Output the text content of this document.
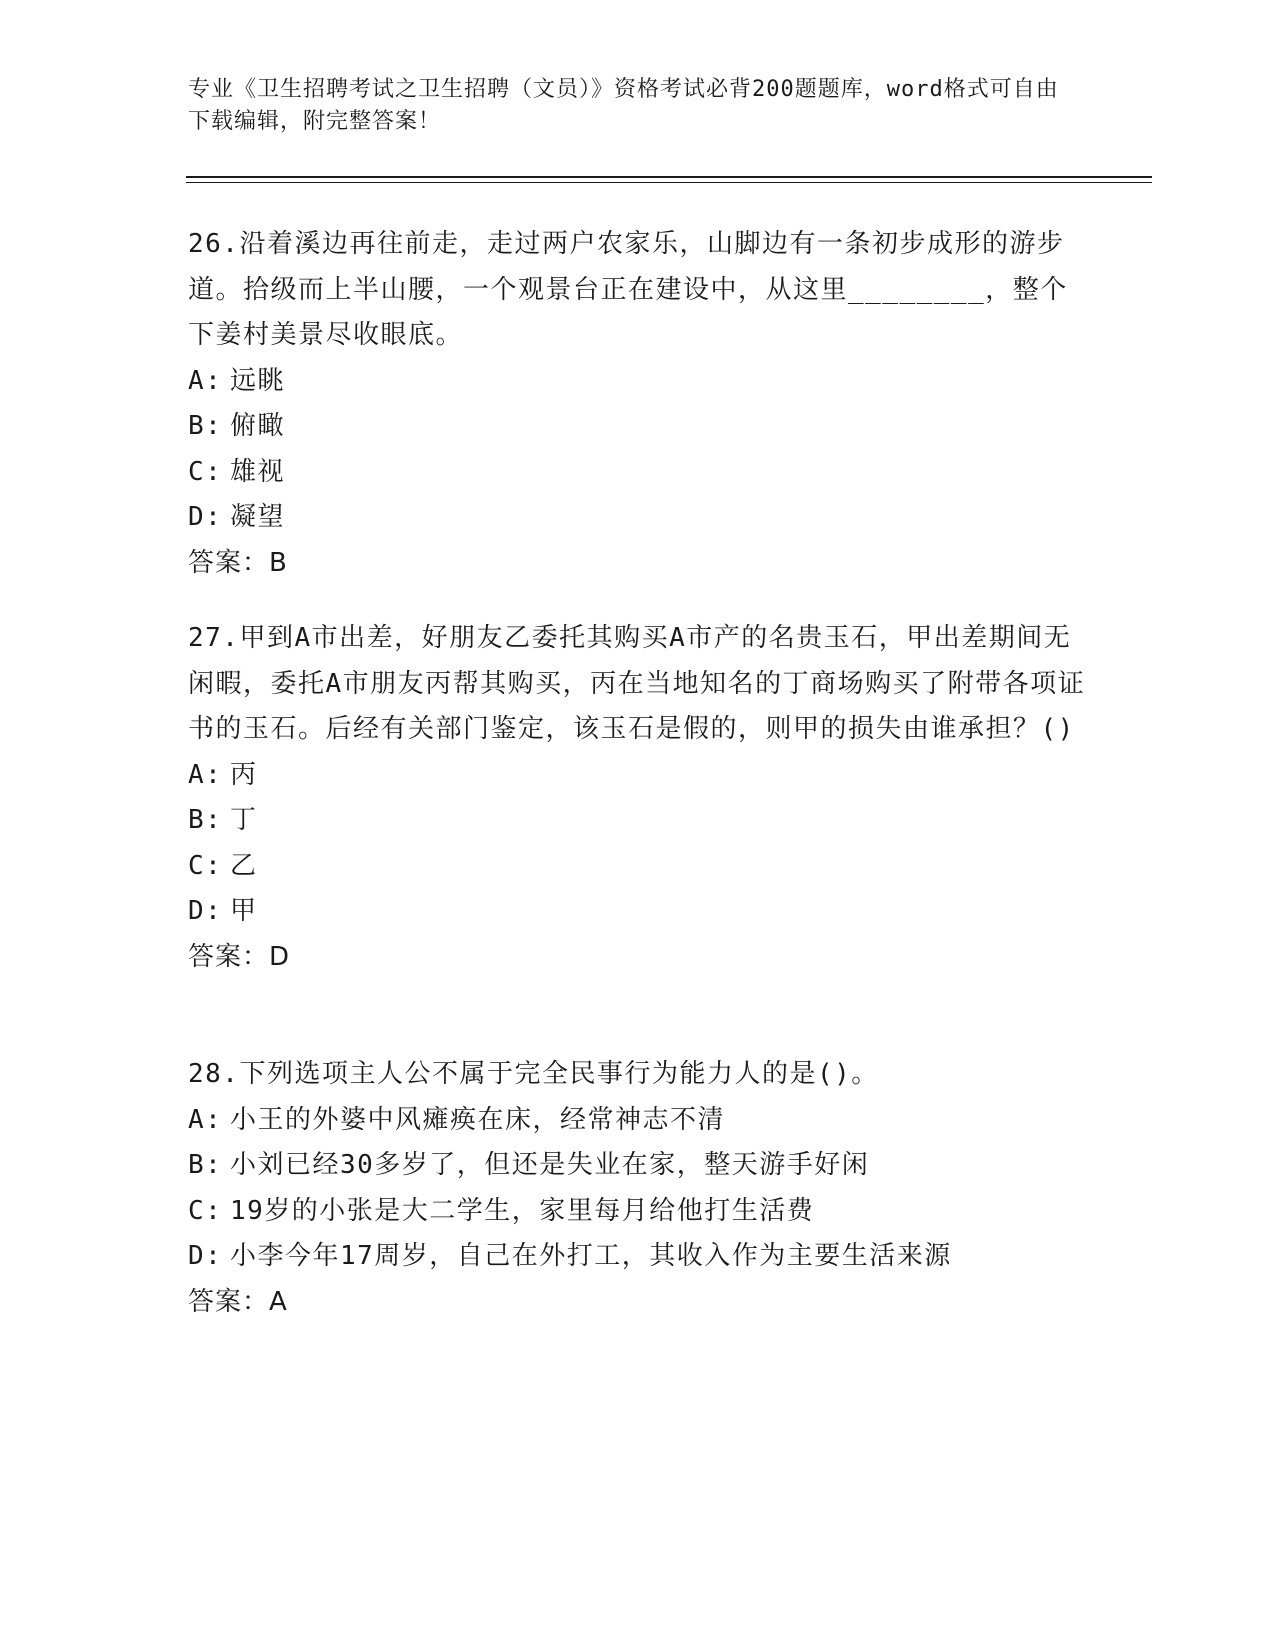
专业《卫生招聘考试之卫生招聘（文员）》资格考试必背200题题库，word格式可自由下载编辑，附完整答案！
26.沿着溪边再往前走，走过两户农家乐，山脚边有一条初步成形的游步道。拾级而上半山腰，一个观景台正在建设中，从这里________，整个下姜村美景尽收眼底。
A: 远眺
B: 俯瞰
C: 雄视
D: 凝望
答案：B
27.甲到A市出差，好朋友乙委托其购买A市产的名贵玉石，甲出差期间无闲暇，委托A市朋友丙帮其购买，丙在当地知名的丁商场购买了附带各项证书的玉石。后经有关部门鉴定，该玉石是假的，则甲的损失由谁承担？()
A: 丙
B: 丁
C: 乙
D: 甲
答案：D
28.下列选项主人公不属于完全民事行为能力人的是()。
A: 小王的外婆中风瘫痪在床，经常神志不清
B: 小刘已经30多岁了，但还是失业在家，整天游手好闲
C: 19岁的小张是大二学生，家里每月给他打生活费
D: 小李今年17周岁，自己在外打工，其收入作为主要生活来源
答案：A
